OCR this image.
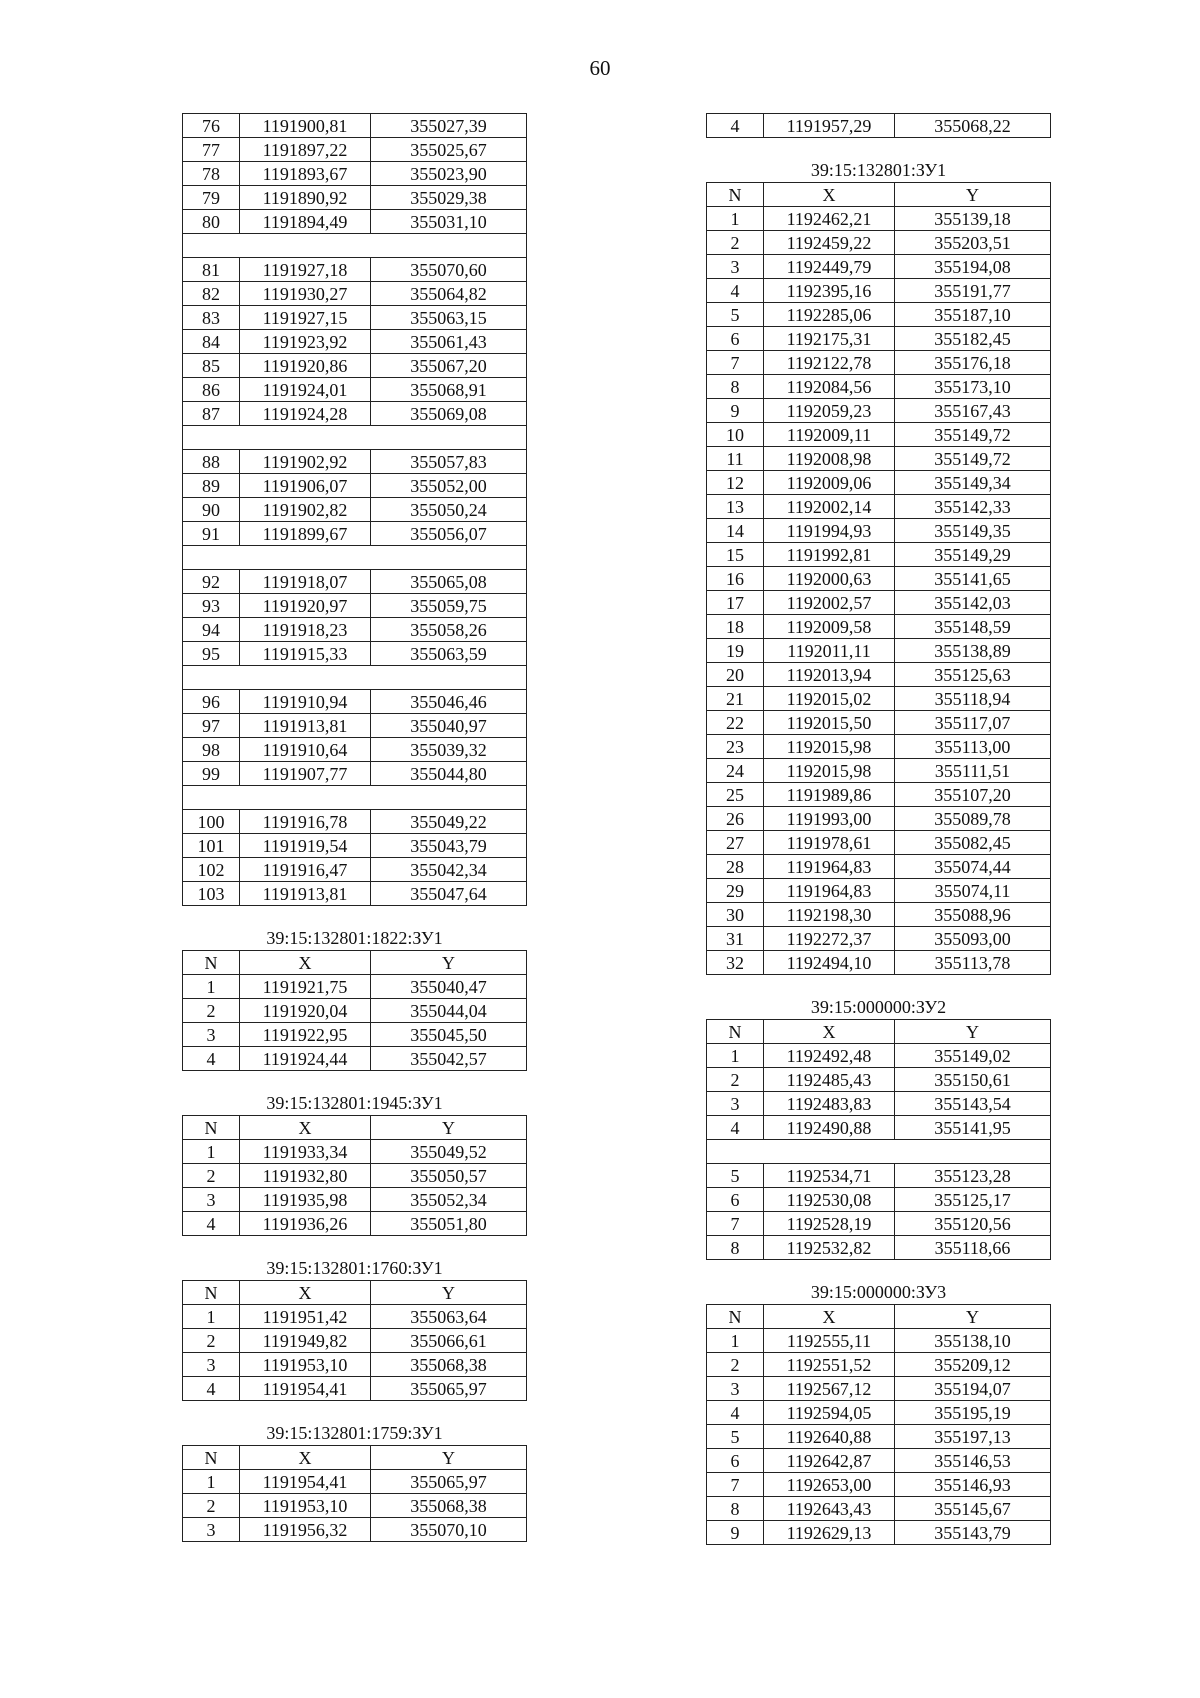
60
76	1191900,81	355027,39
77	1191897,22	355025,67
78	1191893,67	355023,90
79	1191890,92	355029,38
80	1191894,49	355031,10

81	1191927,18	355070,60
82	1191930,27	355064,82
83	1191927,15	355063,15
84	1191923,92	355061,43
85	1191920,86	355067,20
86	1191924,01	355068,91
87	1191924,28	355069,08

88	1191902,92	355057,83
89	1191906,07	355052,00
90	1191902,82	355050,24
91	1191899,67	355056,07

92	1191918,07	355065,08
93	1191920,97	355059,75
94	1191918,23	355058,26
95	1191915,33	355063,59

96	1191910,94	355046,46
97	1191913,81	355040,97
98	1191910,64	355039,32
99	1191907,77	355044,80

100	1191916,78	355049,22
101	1191919,54	355043,79
102	1191916,47	355042,34
103	1191913,81	355047,64
39:15:132801:1822:ЗУ1
N	X	Y
1	1191921,75	355040,47
2	1191920,04	355044,04
3	1191922,95	355045,50
4	1191924,44	355042,57
39:15:132801:1945:ЗУ1
N	X	Y
1	1191933,34	355049,52
2	1191932,80	355050,57
3	1191935,98	355052,34
4	1191936,26	355051,80
39:15:132801:1760:ЗУ1
N	X	Y
1	1191951,42	355063,64
2	1191949,82	355066,61
3	1191953,10	355068,38
4	1191954,41	355065,97
39:15:132801:1759:ЗУ1
N	X	Y
1	1191954,41	355065,97
2	1191953,10	355068,38
3	1191956,32	355070,10
4	1191957,29	355068,22
39:15:132801:ЗУ1
N	X	Y
1	1192462,21	355139,18
2	1192459,22	355203,51
3	1192449,79	355194,08
4	1192395,16	355191,77
5	1192285,06	355187,10
6	1192175,31	355182,45
7	1192122,78	355176,18
8	1192084,56	355173,10
9	1192059,23	355167,43
10	1192009,11	355149,72
11	1192008,98	355149,72
12	1192009,06	355149,34
13	1192002,14	355142,33
14	1191994,93	355149,35
15	1191992,81	355149,29
16	1192000,63	355141,65
17	1192002,57	355142,03
18	1192009,58	355148,59
19	1192011,11	355138,89
20	1192013,94	355125,63
21	1192015,02	355118,94
22	1192015,50	355117,07
23	1192015,98	355113,00
24	1192015,98	355111,51
25	1191989,86	355107,20
26	1191993,00	355089,78
27	1191978,61	355082,45
28	1191964,83	355074,44
29	1191964,83	355074,11
30	1192198,30	355088,96
31	1192272,37	355093,00
32	1192494,10	355113,78
39:15:000000:ЗУ2
N	X	Y
1	1192492,48	355149,02
2	1192485,43	355150,61
3	1192483,83	355143,54
4	1192490,88	355141,95

5	1192534,71	355123,28
6	1192530,08	355125,17
7	1192528,19	355120,56
8	1192532,82	355118,66
39:15:000000:ЗУ3
N	X	Y
1	1192555,11	355138,10
2	1192551,52	355209,12
3	1192567,12	355194,07
4	1192594,05	355195,19
5	1192640,88	355197,13
6	1192642,87	355146,53
7	1192653,00	355146,93
8	1192643,43	355145,67
9	1192629,13	355143,79
